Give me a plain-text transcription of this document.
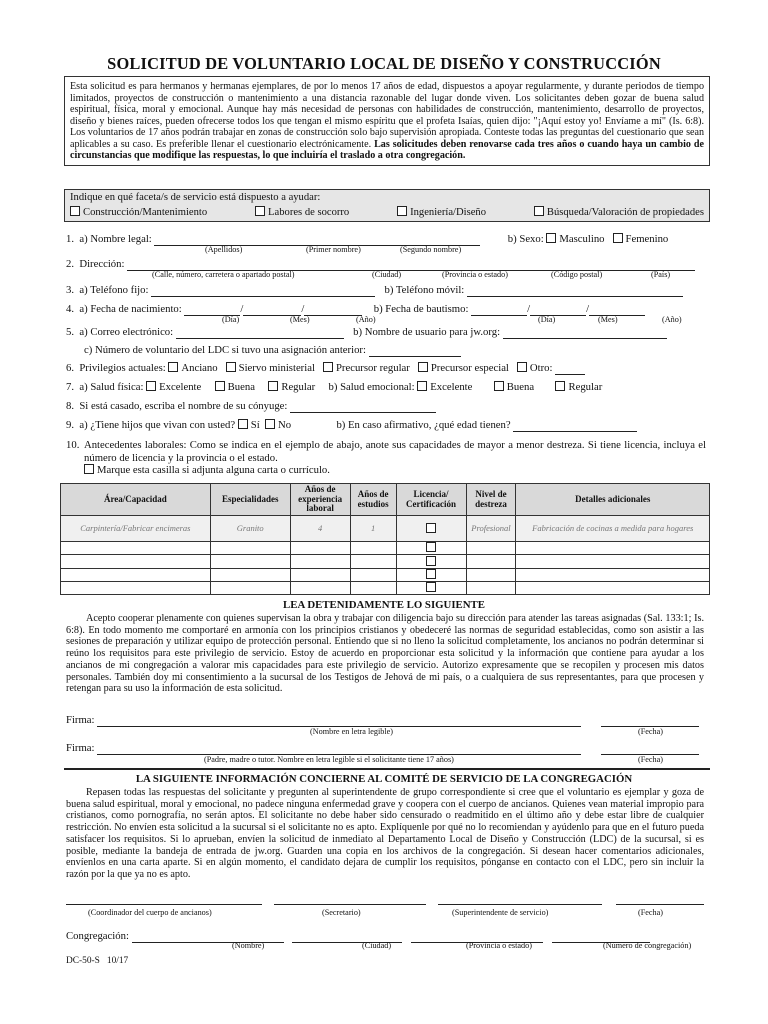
SOLICITUD DE VOLUNTARIO LOCAL DE DISEÑO Y CONSTRUCCIÓN
Esta solicitud es para hermanos y hermanas ejemplares, de por lo menos 17 años de edad, dispuestos a apoyar regularmente, y durante periodos de tiempo limitados, proyectos de construcción o mantenimiento a una distancia razonable del lugar donde viven. Los solicitantes deben gozar de buena salud espiritual, física, moral y emocional. Aunque hay más necesidad de personas con habilidades de construcción, mantenimiento, desarrollo de proyectos, diseño y bienes raíces, pueden ofrecerse todos los que tengan el mismo espíritu que el profeta Isaías, quien dijo: "¡Aquí estoy yo! Envíame a mí" (Is. 6:8). Los voluntarios de 17 años podrán trabajar en zonas de construcción solo bajo supervisión apropiada. Conteste todas las preguntas del cuestionario que sean aplicables a su caso. Es preferible llenar el cuestionario electrónicamente. Las solicitudes deben renovarse cada tres años o cuando haya un cambio de circunstancias que modifique las respuestas, lo que incluiría el traslado a otra congregación.
Indique en qué faceta/s de servicio está dispuesto a ayudar:
Construcción/Mantenimiento	Labores de socorro	Ingeniería/Diseño	Búsqueda/Valoración de propiedades
1. a) Nombre legal:	b) Sexo: Masculino Femenino
(Apellidos)	(Primer nombre)	(Segundo nombre)
2. Dirección:
(Calle, número, carretera o apartado postal)	(Ciudad)	(Provincia o estado)	(Código postal)	(País)
3. a) Teléfono fijo:	b) Teléfono móvil:
4. a) Fecha de nacimiento:	/	/	b) Fecha de bautismo:	/	/
(Día)	(Mes)	(Año)	(Día)	(Mes)	(Año)
5. a) Correo electrónico:	b) Nombre de usuario para jw.org:
c) Número de voluntario del LDC si tuvo una asignación anterior:
6. Privilegios actuales: Anciano Siervo ministerial Precursor regular Precursor especial Otro:
7. a) Salud física: Excelente Buena Regular b) Salud emocional: Excelente	Buena	Regular
8. Si está casado, escriba el nombre de su cónyuge:
9. a) ¿Tiene hijos que vivan con usted? Sí No	b) En caso afirmativo, ¿qué edad tienen?
10. Antecedentes laborales: Como se indica en el ejemplo de abajo, anote sus capacidades de mayor a menor destreza. Si tiene licencia, incluya el número de licencia y la provincia o el estado.
Marque esta casilla si adjunta alguna carta o currículo.
Área/Capacidad	Especialidades	Años de experiencia laboral	Años de estudios	Licencia/ Certificación	Nivel de destreza	Detalles adicionales
Carpintería/Fabricar encimeras	Granito	4	1		Profesional	Fabricación de cocinas a medida para hogares

LEA DETENIDAMENTE LO SIGUIENTE
Acepto cooperar plenamente con quienes supervisan la obra y trabajar con diligencia bajo su dirección para atender las tareas asignadas (Sal. 133:1; Is. 6:8). En todo momento me comportaré en armonía con los principios cristianos y obedeceré las normas de seguridad establecidas, como son asistir a las sesiones de preparación y utilizar equipo de protección personal. Entiendo que si no lleno la solicitud completamente, los ancianos no podrán determinar si reúno los requisitos para este privilegio de servicio. Estoy de acuerdo en proporcionar esta solicitud y la información que contiene para ayudar a los ancianos de mi congregación a valorar mis capacidades para este privilegio de servicio. Autorizo expresamente que se recopilen y procesen mis datos personales. También doy mi consentimiento a la sucursal de los Testigos de Jehová de mi país, o a cualquiera de sus representantes, para que procesen y retengan para su uso la información de esta solicitud.
Firma:
(Nombre en letra legible)	(Fecha)
Firma:
(Padre, madre o tutor. Nombre en letra legible si el solicitante tiene 17 años)	(Fecha)
LA SIGUIENTE INFORMACIÓN CONCIERNE AL COMITÉ DE SERVICIO DE LA CONGREGACIÓN
Repasen todas las respuestas del solicitante y pregunten al superintendente de grupo correspondiente si cree que el voluntario es ejemplar y goza de buena salud espiritual, moral y emocional, no padece ninguna enfermedad grave y coopera con el cuerpo de ancianos. Quienes vean material impropio para cristianos, como pornografía, no serán aptos. El solicitante no debe haber sido censurado o readmitido en el último año y debe estar libre de cualquier restricción. No envíen esta solicitud a la sucursal si el solicitante no es apto. Explíquenle por qué no lo recomiendan y ayúdenlo para que en el futuro pueda satisfacer los requisitos. Si lo aprueban, envíen la solicitud de inmediato al Departamento Local de Diseño y Construcción (LDC) de la sucursal, si es posible, mediante la bandeja de entrada de jw.org. Guarden una copia en los archivos de la congregación. Si desean hacer comentarios adicionales, envíenlos en una carta aparte. Si en algún momento, el candidato dejara de cumplir los requisitos, pónganse en contacto con el LDC, pero sin incluir la razón por la que ya no es apto.
(Coordinador del cuerpo de ancianos)	(Secretario)	(Superintendente de servicio)	(Fecha)
Congregación:
(Nombre)	(Ciudad)	(Provincia o estado)	(Número de congregación)
DC-50-S   10/17
